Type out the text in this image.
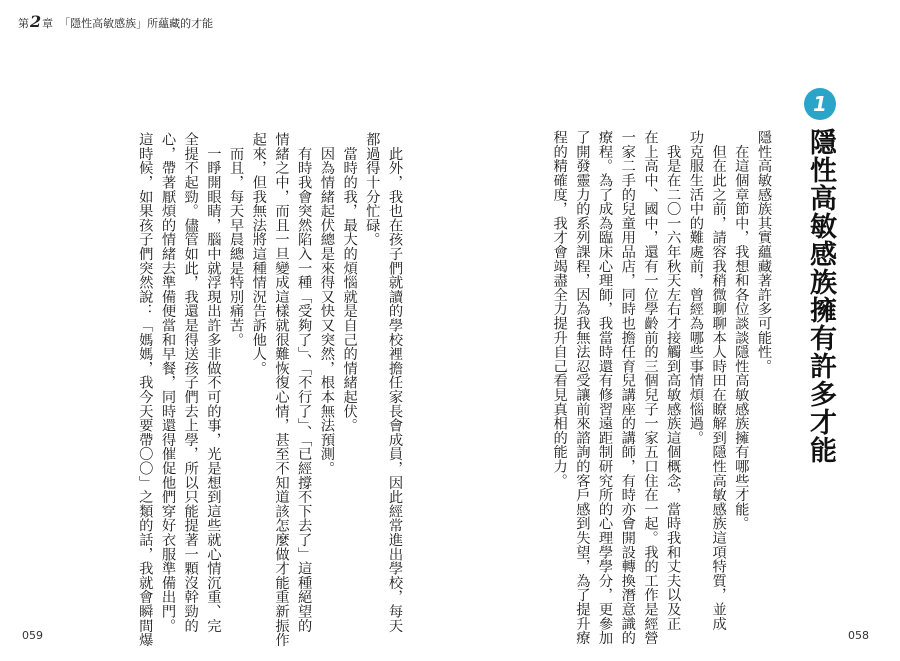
第2章 「隱性高敏感族」所蘊藏的才能
1
隱性高敏感族擁有許多才能
隱性高敏感族其實蘊藏著許多可能性。
　在這個章節中，我想和各位談談隱性高敏感族擁有哪些才能。
　但在此之前，請容我稍微聊聊本人時田在瞭解到隱性高敏感族這項特質，並成
功克服生活中的難處前，曾經為哪些事情煩惱過。
　我是在二〇一六年秋天左右才接觸到高敏感族這個概念，當時我和丈夫以及正
在上高中、國中，還有一位學齡前的三個兒子一家五口住在一起。我的工作是經營
一家二手的兒童用品店，同時也擔任育兒講座的講師，有時亦會開設轉換潛意識的
療程。為了成為臨床心理師，我當時還有修習遠距制研究所的心理學學分，更參加
了開發靈力的系列課程，因為我無法忍受讓前來諮詢的客戶感到失望，為了提升療
程的精確度，我才會竭盡全力提升自己看見真相的能力。
　此外，我也在孩子們就讀的學校裡擔任家長會成員，因此經常進出學校，每天
都過得十分忙碌。
　當時的我，最大的煩惱就是自己的情緒起伏。
　因為情緒起伏總是來得又快又突然，根本無法預測。
　有時我會突然陷入一種「受夠了」、「不行了」、「已經撐不下去了」這種絕望的
情緒之中，而且一旦變成這樣就很難恢復心情，甚至不知道該怎麼做才能重新振作
起來，但我無法將這種情況告訴他人。
　而且，每天早晨總是特別痛苦。
　一睜開眼睛，腦中就浮現出許多非做不可的事，光是想到這些就心情沉重、完
全提不起勁。儘管如此，我還是得送孩子們去上學，所以只能提著一顆沒幹勁的
心，帶著厭煩的情緒去準備便當和早餐，同時還得催促他們穿好衣服準備出門。
這時候，如果孩子們突然說：「媽媽，我今天要帶〇〇」之類的話，我就會瞬間爆
059	058
